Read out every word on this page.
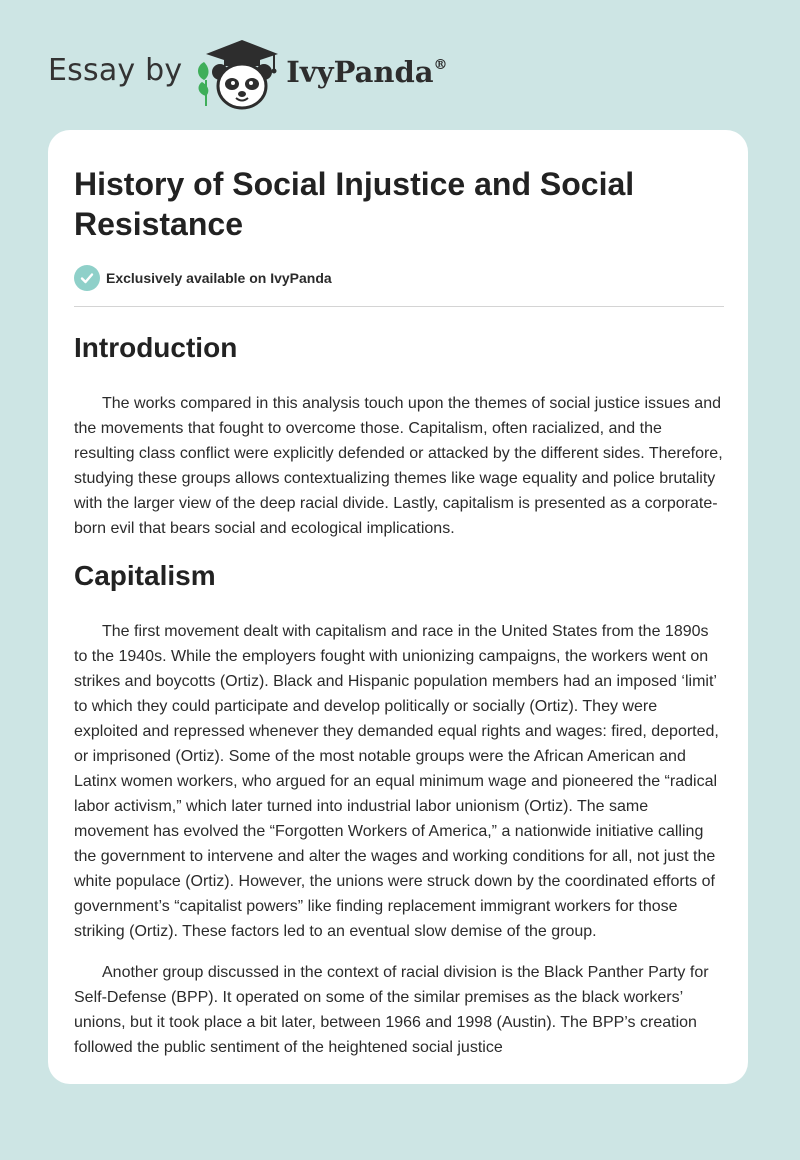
Essay by	IvyPanda®
History of Social Injustice and Social Resistance
Exclusively available on IvyPanda
Introduction

The works compared in this analysis touch upon the themes of social justice issues and the movements that fought to overcome those. Capitalism, often racialized, and the resulting class conflict were explicitly defended or attacked by the different sides. Therefore, studying these groups allows contextualizing themes like wage equality and police brutality with the larger view of the deep racial divide. Lastly, capitalism is presented as a corporate-born evil that bears social and ecological implications.

Capitalism

The first movement dealt with capitalism and race in the United States from the 1890s to the 1940s. While the employers fought with unionizing campaigns, the workers went on strikes and boycotts (Ortiz). Black and Hispanic population members had an imposed ‘limit’ to which they could participate and develop politically or socially (Ortiz). They were exploited and repressed whenever they demanded equal rights and wages: fired, deported, or imprisoned (Ortiz). Some of the most notable groups were the African American and Latinx women workers, who argued for an equal minimum wage and pioneered the “radical labor activism,” which later turned into industrial labor unionism (Ortiz). The same movement has evolved the “Forgotten Workers of America,” a nationwide initiative calling the government to intervene and alter the wages and working conditions for all, not just the white populace (Ortiz). However, the unions were struck down by the coordinated efforts of government’s “capitalist powers” like finding replacement immigrant workers for those striking (Ortiz). These factors led to an eventual slow demise of the group.

Another group discussed in the context of racial division is the Black Panther Party for Self-Defense (BPP). It operated on some of the similar premises as the black workers’ unions, but it took place a bit later, between 1966 and 1998 (Austin). The BPP’s creation followed the public sentiment of the heightened social justice
